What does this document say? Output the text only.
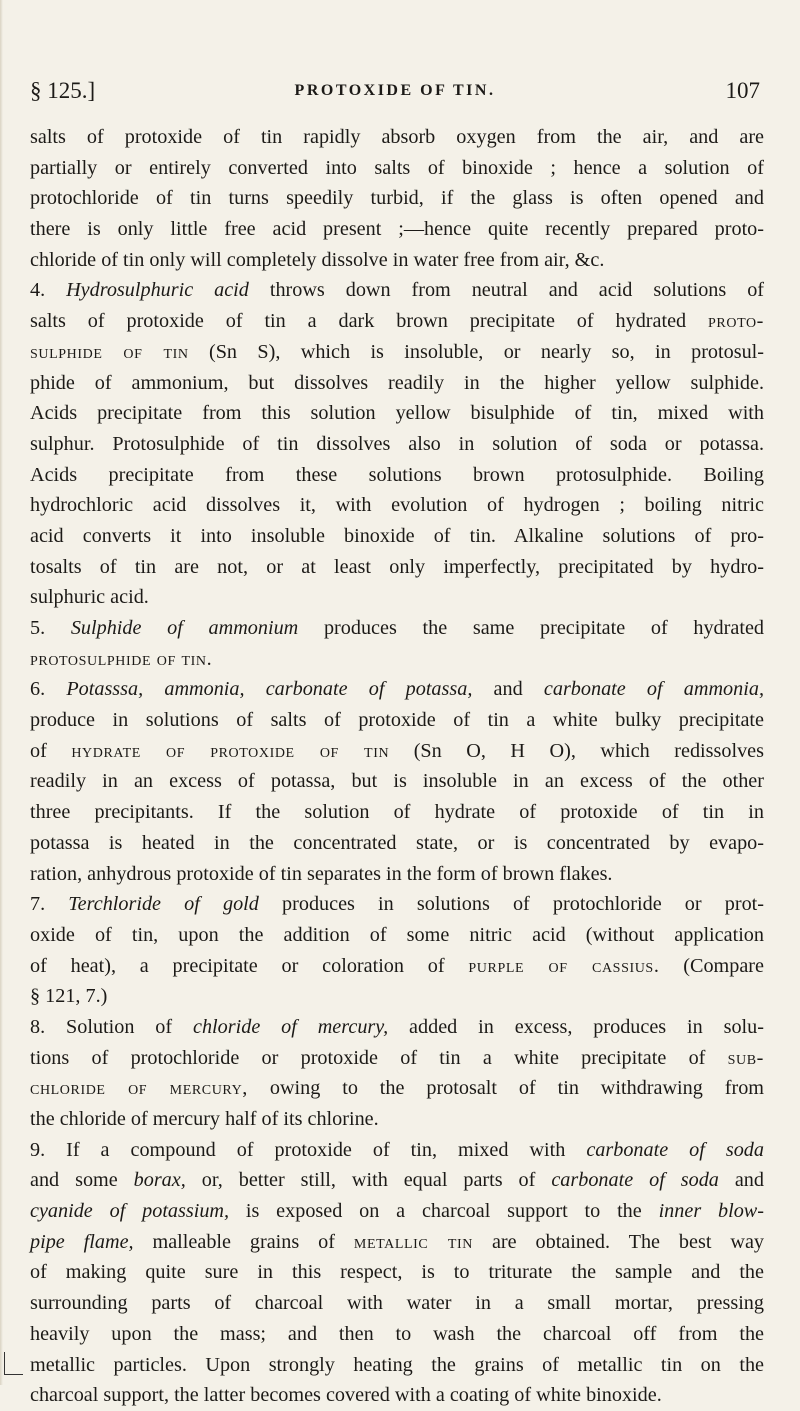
§ 125.]	PROTOXIDE OF TIN.	107
salts of protoxide of tin rapidly absorb oxygen from the air, and are
partially or entirely converted into salts of binoxide ; hence a solution of
protochloride of tin turns speedily turbid, if the glass is often opened and
there is only little free acid present ;—hence quite recently prepared proto-
chloride of tin only will completely dissolve in water free from air, &c.
4. Hydrosulphuric acid throws down from neutral and acid solutions of
salts of protoxide of tin a dark brown precipitate of hydrated proto-
sulphide of tin (Sn S), which is insoluble, or nearly so, in protosul-
phide of ammonium, but dissolves readily in the higher yellow sulphide.
Acids precipitate from this solution yellow bisulphide of tin, mixed with
sulphur. Protosulphide of tin dissolves also in solution of soda or potassa.
Acids precipitate from these solutions brown protosulphide. Boiling
hydrochloric acid dissolves it, with evolution of hydrogen ; boiling nitric
acid converts it into insoluble binoxide of tin. Alkaline solutions of pro-
tosalts of tin are not, or at least only imperfectly, precipitated by hydro-
sulphuric acid.
5. Sulphide of ammonium produces the same precipitate of hydrated
protosulphide of tin.
6. Potasssa, ammonia, carbonate of potassa, and carbonate of ammonia,
produce in solutions of salts of protoxide of tin a white bulky precipitate
of hydrate of protoxide of tin (Sn O, H O), which redissolves
readily in an excess of potassa, but is insoluble in an excess of the other
three precipitants. If the solution of hydrate of protoxide of tin in
potassa is heated in the concentrated state, or is concentrated by evapo-
ration, anhydrous protoxide of tin separates in the form of brown flakes.
7. Terchloride of gold produces in solutions of protochloride or prot-
oxide of tin, upon the addition of some nitric acid (without application
of heat), a precipitate or coloration of purple of cassius. (Compare
§ 121, 7.)
8. Solution of chloride of mercury, added in excess, produces in solu-
tions of protochloride or protoxide of tin a white precipitate of sub-
chloride of mercury, owing to the protosalt of tin withdrawing from
the chloride of mercury half of its chlorine.
9. If a compound of protoxide of tin, mixed with carbonate of soda
and some borax, or, better still, with equal parts of carbonate of soda and
cyanide of potassium, is exposed on a charcoal support to the inner blow-
pipe flame, malleable grains of metallic tin are obtained. The best way
of making quite sure in this respect, is to triturate the sample and the
surrounding parts of charcoal with water in a small mortar, pressing
heavily upon the mass; and then to wash the charcoal off from the
metallic particles. Upon strongly heating the grains of metallic tin on the
charcoal support, the latter becomes covered with a coating of white binoxide.
